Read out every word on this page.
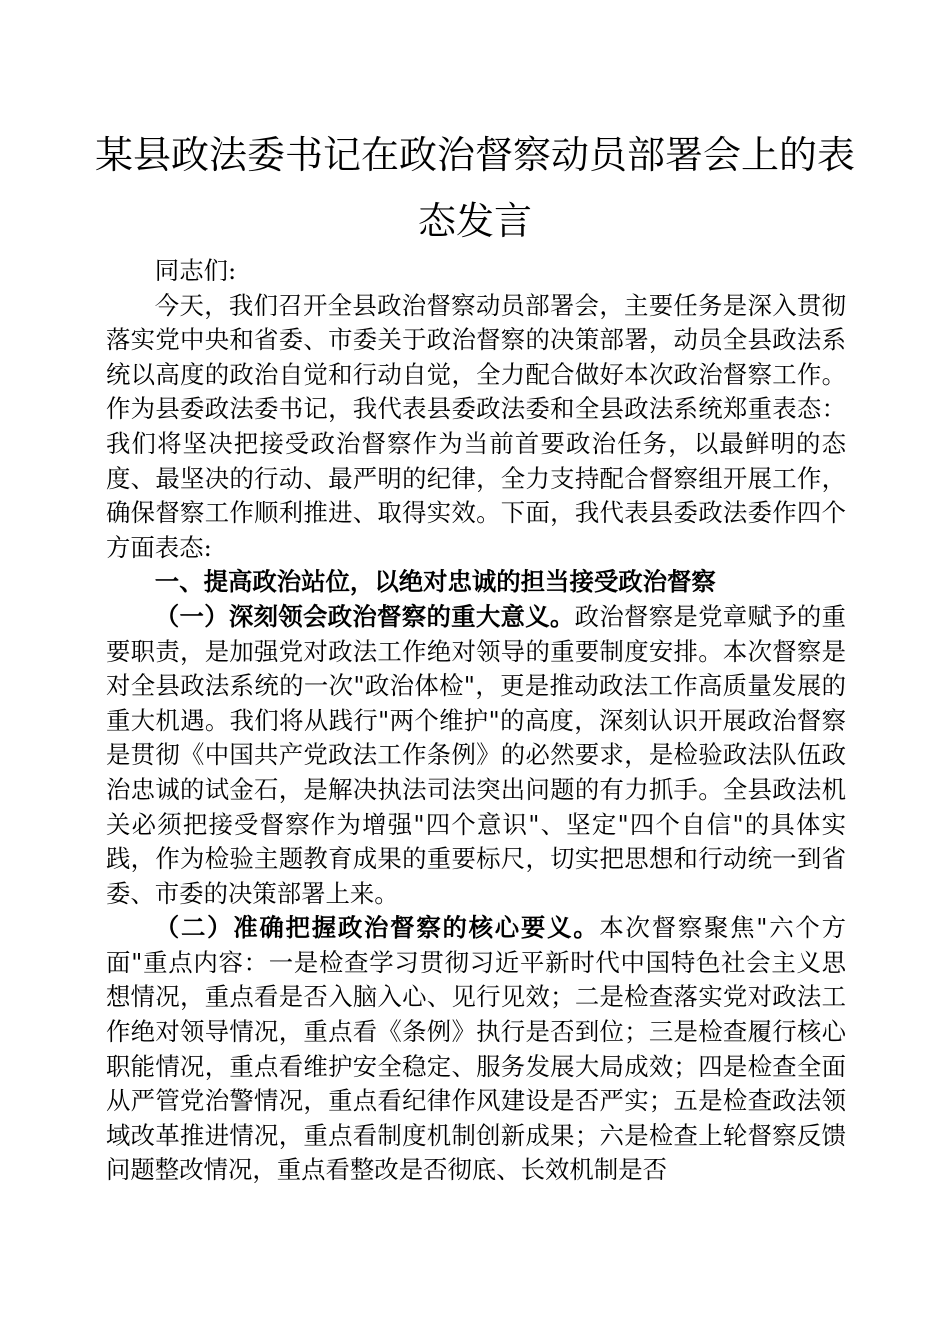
某县政法委书记在政治督察动员部署会上的表态发言

同志们:

今天，我们召开全县政治督察动员部署会，主要任务是深入贯彻落实党中央和省委、市委关于政治督察的决策部署，动员全县政法系统以高度的政治自觉和行动自觉，全力配合做好本次政治督察工作。作为县委政法委书记，我代表县委政法委和全县政法系统郑重表态：我们将坚决把接受政治督察作为当前首要政治任务，以最鲜明的态度、最坚决的行动、最严明的纪律，全力支持配合督察组开展工作，确保督察工作顺利推进、取得实效。下面，我代表县委政法委作四个方面表态:

一、提高政治站位，以绝对忠诚的担当接受政治督察

（一）深刻领会政治督察的重大意义。政治督察是党章赋予的重要职责，是加强党对政法工作绝对领导的重要制度安排。本次督察是对全县政法系统的一次"政治体检"，更是推动政法工作高质量发展的重大机遇。我们将从践行"两个维护"的高度，深刻认识开展政治督察是贯彻《中国共产党政法工作条例》的必然要求，是检验政法队伍政治忠诚的试金石，是解决执法司法突出问题的有力抓手。全县政法机关必须把接受督察作为增强"四个意识"、坚定"四个自信"的具体实践，作为检验主题教育成果的重要标尺，切实把思想和行动统一到省委、市委的决策部署上来。

（二）准确把握政治督察的核心要义。本次督察聚焦"六个方面"重点内容：一是检查学习贯彻习近平新时代中国特色社会主义思想情况，重点看是否入脑入心、见行见效；二是检查落实党对政法工作绝对领导情况，重点看《条例》执行是否到位；三是检查履行核心职能情况，重点看维护安全稳定、服务发展大局成效；四是检查全面从严管党治警情况，重点看纪律作风建设是否严实；五是检查政法领域改革推进情况，重点看制度机制创新成果；六是检查上轮督察反馈问题整改情况，重点看整改是否彻底、长效机制是否
